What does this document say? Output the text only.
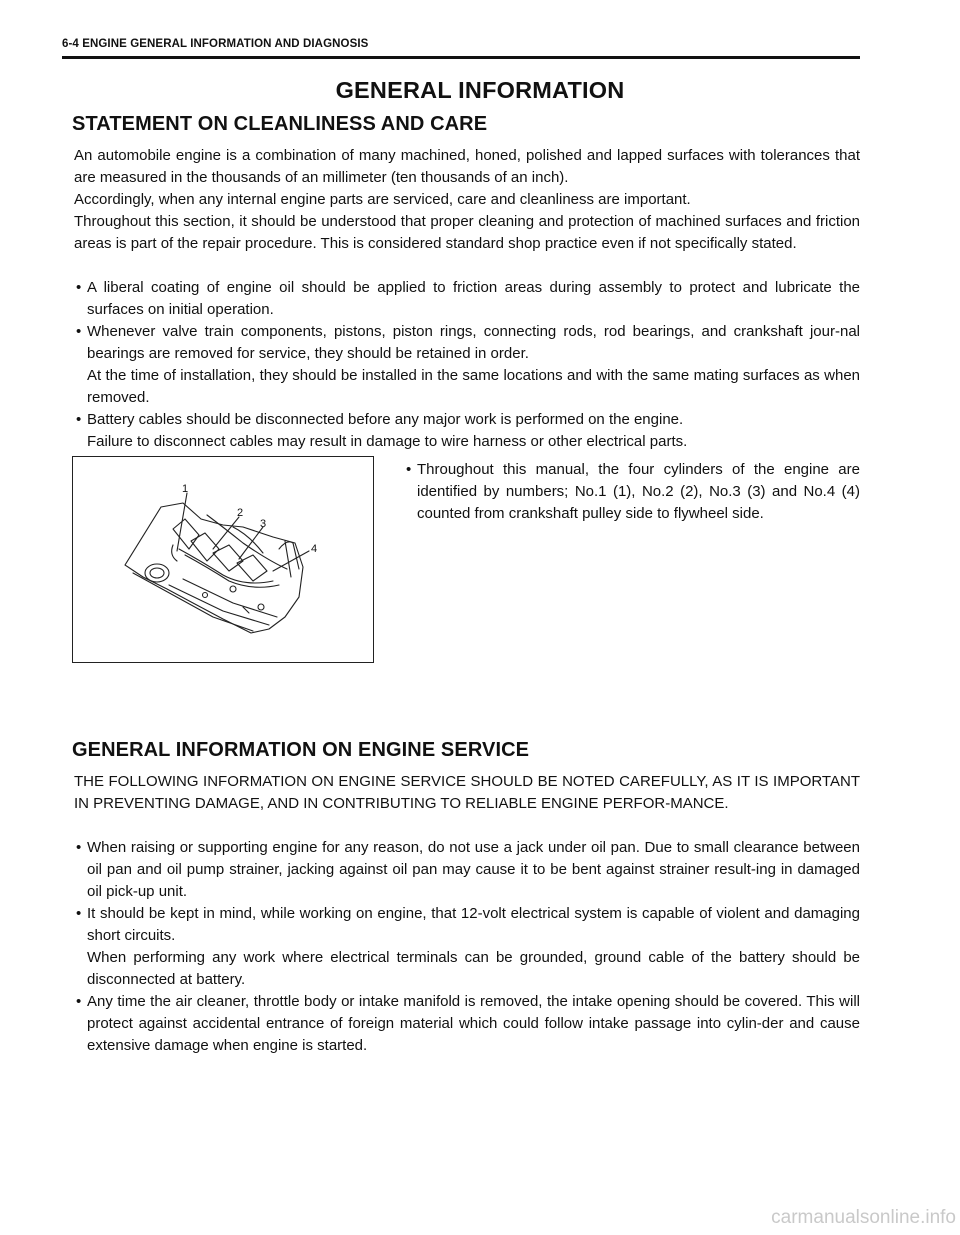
6-4 ENGINE GENERAL INFORMATION AND DIAGNOSIS
GENERAL INFORMATION
STATEMENT ON CLEANLINESS AND CARE

An automobile engine is a combination of many machined, honed, polished and lapped surfaces with tolerances that are measured in the thousands of an millimeter (ten thousands of an inch).

Accordingly, when any internal engine parts are serviced, care and cleanliness are important.

Throughout this section, it should be understood that proper cleaning and protection of machined surfaces and friction areas is part of the repair procedure. This is considered standard shop practice even if not specifically stated.

• A liberal coating of engine oil should be applied to friction areas during assembly to protect and lubricate the surfaces on initial operation.
• Whenever valve train components, pistons, piston rings, connecting rods, rod bearings, and crankshaft jour-nal bearings are removed for service, they should be retained in order.
At the time of installation, they should be installed in the same locations and with the same mating surfaces as when removed.
• Battery cables should be disconnected before any major work is performed on the engine.
Failure to disconnect cables may result in damage to wire harness or other electrical parts.
1
2
3
4
• Throughout this manual, the four cylinders of the engine are identified by numbers; No.1 (1), No.2 (2), No.3 (3) and No.4 (4) counted from crankshaft pulley side to flywheel side.
GENERAL INFORMATION ON ENGINE SERVICE

THE FOLLOWING INFORMATION ON ENGINE SERVICE SHOULD BE NOTED CAREFULLY, AS IT IS IMPORTANT IN PREVENTING DAMAGE, AND IN CONTRIBUTING TO RELIABLE ENGINE PERFOR-MANCE.

• When raising or supporting engine for any reason, do not use a jack under oil pan. Due to small clearance between oil pan and oil pump strainer, jacking against oil pan may cause it to be bent against strainer result-ing in damaged oil pick-up unit.
• It should be kept in mind, while working on engine, that 12-volt electrical system is capable of violent and damaging short circuits.
When performing any work where electrical terminals can be grounded, ground cable of the battery should be disconnected at battery.
• Any time the air cleaner, throttle body or intake manifold is removed, the intake opening should be covered. This will protect against accidental entrance of foreign material which could follow intake passage into cylin-der and cause extensive damage when engine is started.
carmanualsonline.info
